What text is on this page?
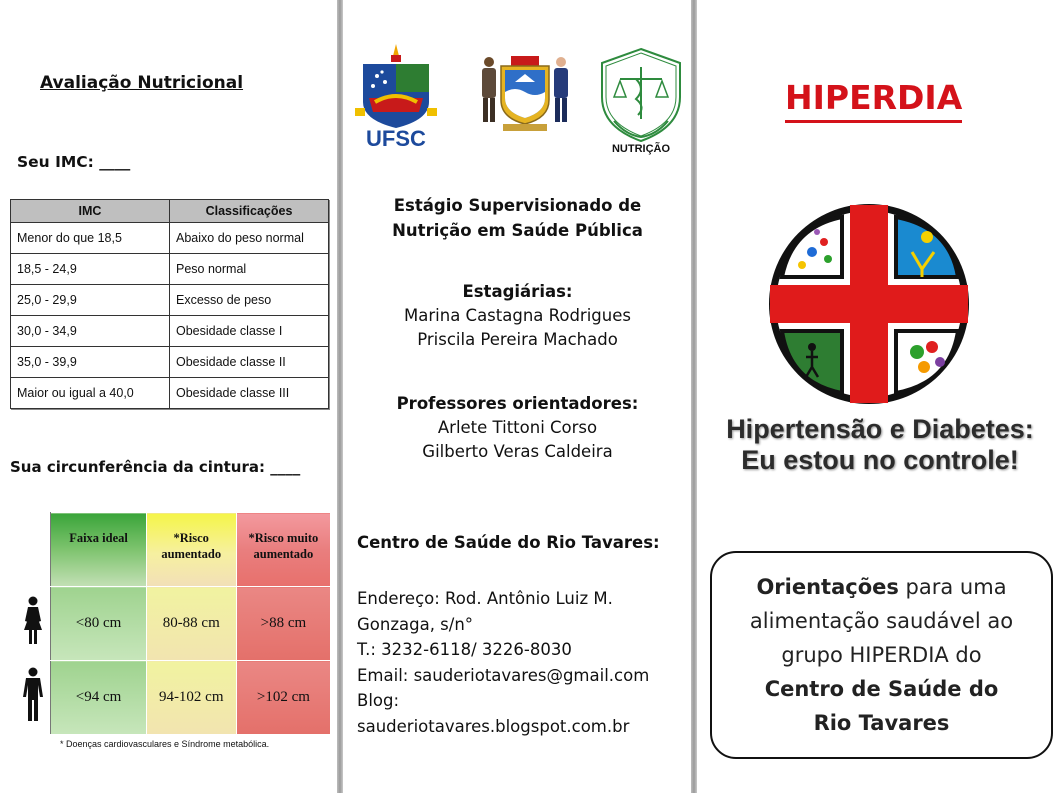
Avaliação Nutricional
Seu IMC: ____
IMC	Classificações
Menor do que 18,5	Abaixo do peso normal
18,5 - 24,9	Peso normal
25,0 - 29,9	Excesso de peso
30,0 - 34,9	Obesidade classe I
35,0 - 39,9	Obesidade classe II
Maior ou igual a 40,0	Obesidade classe III
Sua circunferência da cintura: ____
	Faixa ideal	*Risco aumentado	*Risco muito aumentado
	<80 cm	80-88 cm	>88 cm
	<94 cm	94-102 cm	>102 cm
* Doenças cardiovasculares e Síndrome metabólica.
UFSC	NUTRIÇÃO
Estágio Supervisionado de
Nutrição em Saúde Pública
Estagiárias:
Marina Castagna Rodrigues
Priscila Pereira Machado
Professores orientadores:
Arlete Tittoni Corso
Gilberto Veras Caldeira
Centro de Saúde do Rio Tavares:
Endereço: Rod. Antônio Luiz M.
Gonzaga, s/n°
T.: 3232-6118/ 3226-8030
Email: sauderiotavares@gmail.com
Blog:
sauderiotavares.blogspot.com.br
HIPERDIA
Hipertensão e Diabetes:
Eu estou no controle!
Orientações para uma
alimentação saudável ao
grupo HIPERDIA do
Centro de Saúde do
Rio Tavares
